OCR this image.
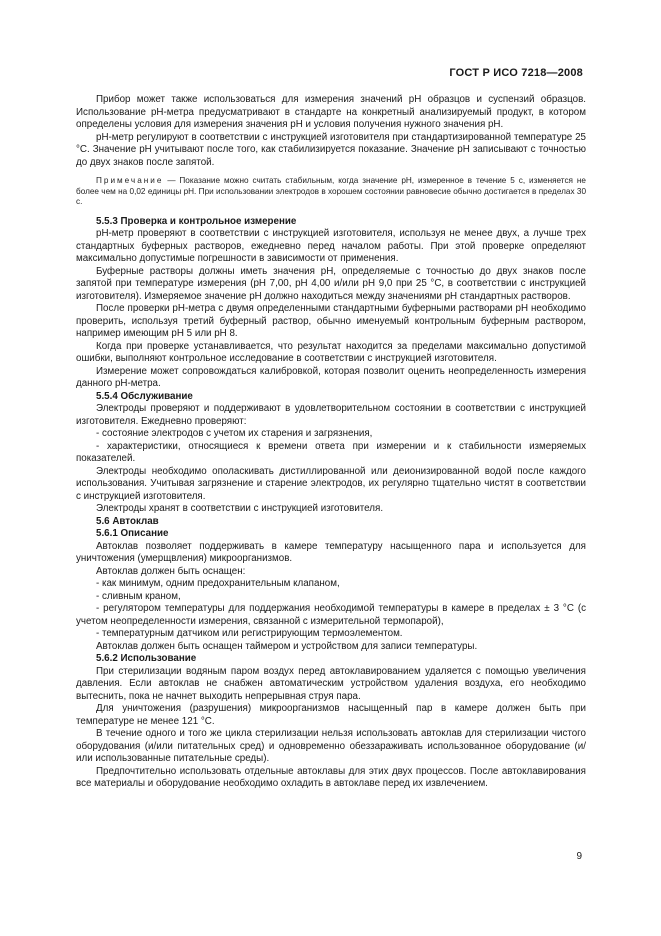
ГОСТ Р ИСО 7218—2008

Прибор может также использоваться для измерения значений pH образцов и суспензий образцов. Использование pH-метра предусматривают в стандарте на конкретный анализируемый продукт, в котором определены условия для измерения значения pH и условия получения нужного значения pH.

pH-метр регулируют в соответствии с инструкцией изготовителя при стандартизированной температуре 25 °С. Значение pH учитывают после того, как стабилизируется показание. Значение pH записывают с точностью до двух знаков после запятой.

Примечание — Показание можно считать стабильным, когда значение pH, измеренное в течение 5 с, изменяется не более чем на 0,02 единицы pH. При использовании электродов в хорошем состоянии равновесие обычно достигается в пределах 30 с.

5.5.3 Проверка и контрольное измерение

pH-метр проверяют в соответствии с инструкцией изготовителя, используя не менее двух, а лучше трех стандартных буферных растворов, ежедневно перед началом работы. При этой проверке определяют максимально допустимые погрешности в зависимости от применения.

Буферные растворы должны иметь значения pH, определяемые с точностью до двух знаков после запятой при температуре измерения (pH 7,00, pH 4,00 и/или pH 9,0 при 25 °С, в соответствии с инструкцией изготовителя). Измеряемое значение pH должно находиться между значениями pH стандартных растворов.

После проверки pH-метра с двумя определенными стандартными буферными растворами pH необходимо проверить, используя третий буферный раствор, обычно именуемый контрольным буферным раствором, например имеющим pH 5 или pH 8.

Когда при проверке устанавливается, что результат находится за пределами максимально допустимой ошибки, выполняют контрольное исследование в соответствии с инструкцией изготовителя.

Измерение может сопровождаться калибровкой, которая позволит оценить неопределенность измерения данного pH-метра.

5.5.4 Обслуживание

Электроды проверяют и поддерживают в удовлетворительном состоянии в соответствии с инструкцией изготовителя. Ежедневно проверяют:

- состояние электродов с учетом их старения и загрязнения,

- характеристики, относящиеся к времени ответа при измерении и к стабильности измеряемых показателей.

Электроды необходимо ополаскивать дистиллированной или деионизированной водой после каждого использования. Учитывая загрязнение и старение электродов, их регулярно тщательно чистят в соответствии с инструкцией изготовителя.

Электроды хранят в соответствии с инструкцией изготовителя.

5.6 Автоклав
5.6.1 Описание

Автоклав позволяет поддерживать в камере температуру насыщенного пара и используется для уничтожения (умерщвления) микроорганизмов.

Автоклав должен быть оснащен:

- как минимум, одним предохранительным клапаном,

- сливным краном,

- регулятором температуры для поддержания необходимой температуры в камере в пределах ± 3 °С (с учетом неопределенности измерения, связанной с измерительной термопарой),

- температурным датчиком или регистрирующим термоэлементом.

Автоклав должен быть оснащен таймером и устройством для записи температуры.

5.6.2 Использование

При стерилизации водяным паром воздух перед автоклавированием удаляется с помощью увеличения давления. Если автоклав не снабжен автоматическим устройством удаления воздуха, его необходимо вытеснить, пока не начнет выходить непрерывная струя пара.

Для уничтожения (разрушения) микроорганизмов насыщенный пар в камере должен быть при температуре не менее 121 °С.

В течение одного и того же цикла стерилизации нельзя использовать автоклав для стерилизации чистого оборудования (и/или питательных сред) и одновременно обеззараживать использованное оборудование (и/или использованные питательные среды).

Предпочтительно использовать отдельные автоклавы для этих двух процессов. После автоклавирования все материалы и оборудование необходимо охладить в автоклаве перед их извлечением.

9
